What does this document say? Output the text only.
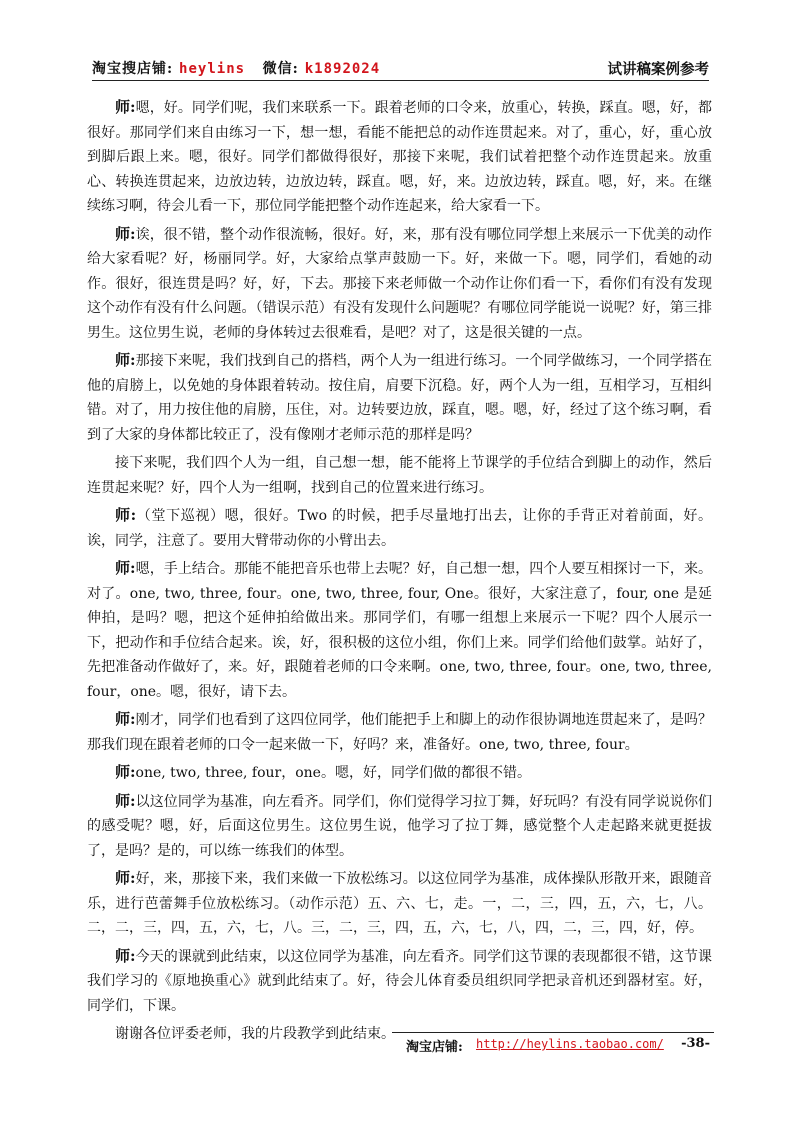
淘宝搜店铺: heylins   微信: k1892024	试讲稿案例参考

师:嗯，好。同学们呢，我们来联系一下。跟着老师的口令来，放重心，转换，踩直。嗯，好，都很好。那同学们来自由练习一下，想一想，看能不能把总的动作连贯起来。对了，重心，好，重心放到脚后跟上来。嗯，很好。同学们都做得很好，那接下来呢，我们试着把整个动作连贯起来。放重心、转换连贯起来，边放边转，边放边转，踩直。嗯，好，来。边放边转，踩直。嗯，好，来。在继续练习啊，待会儿看一下，那位同学能把整个动作连起来，给大家看一下。

师:诶，很不错，整个动作很流畅，很好。好，来，那有没有哪位同学想上来展示一下优美的动作给大家看呢？好，杨丽同学。好，大家给点掌声鼓励一下。好，来做一下。嗯，同学们，看她的动作。很好，很连贯是吗？好，好，下去。那接下来老师做一个动作让你们看一下，看你们有没有发现这个动作有没有什么问题。（错误示范）有没有发现什么问题呢？有哪位同学能说一说呢？好，第三排男生。这位男生说，老师的身体转过去很难看，是吧？对了，这是很关键的一点。

师:那接下来呢，我们找到自己的搭档，两个人为一组进行练习。一个同学做练习，一个同学搭在他的肩膀上，以免她的身体跟着转动。按住肩，肩要下沉稳。好，两个人为一组，互相学习，互相纠错。对了，用力按住他的肩膀，压住，对。边转要边放，踩直，嗯。嗯，好，经过了这个练习啊，看到了大家的身体都比较正了，没有像刚才老师示范的那样是吗？

接下来呢，我们四个人为一组，自己想一想，能不能将上节课学的手位结合到脚上的动作，然后连贯起来呢？好，四个人为一组啊，找到自己的位置来进行练习。

师:（堂下巡视）嗯，很好。Two 的时候，把手尽量地打出去，让你的手背正对着前面，好。诶，同学，注意了。要用大臂带动你的小臂出去。

师:嗯，手上结合。那能不能把音乐也带上去呢？好，自己想一想，四个人要互相探讨一下，来。对了。one, two, three, four。one, two, three, four, One。很好，大家注意了，four, one 是延伸拍，是吗？嗯，把这个延伸拍给做出来。那同学们，有哪一组想上来展示一下呢？四个人展示一下，把动作和手位结合起来。诶，好，很积极的这位小组，你们上来。同学们给他们鼓掌。站好了，先把准备动作做好了，来。好，跟随着老师的口令来啊。one, two, three, four。one, two, three, four，one。嗯，很好，请下去。

师:刚才，同学们也看到了这四位同学，他们能把手上和脚上的动作很协调地连贯起来了，是吗？那我们现在跟着老师的口令一起来做一下，好吗？来，准备好。one, two, three, four。

师:one, two, three, four，one。嗯，好，同学们做的都很不错。

师:以这位同学为基准，向左看齐。同学们，你们觉得学习拉丁舞，好玩吗？有没有同学说说你们的感受呢？嗯，好，后面这位男生。这位男生说，他学习了拉丁舞，感觉整个人走起路来就更挺拔了，是吗？是的，可以练一练我们的体型。

师:好，来，那接下来，我们来做一下放松练习。以这位同学为基准，成体操队形散开来，跟随音乐，进行芭蕾舞手位放松练习。（动作示范）五、六、七，走。一，二，三，四，五，六，七，八。二，二，三，四，五，六，七，八。三，二，三，四，五，六，七，八，四，二，三，四，好，停。

师:今天的课就到此结束，以这位同学为基准，向左看齐。同学们这节课的表现都很不错，这节课我们学习的《原地换重心》就到此结束了。好，待会儿体育委员组织同学把录音机还到器材室。好，同学们，下课。

谢谢各位评委老师，我的片段教学到此结束。

淘宝店铺: http://heylins.taobao.com/ -38-
